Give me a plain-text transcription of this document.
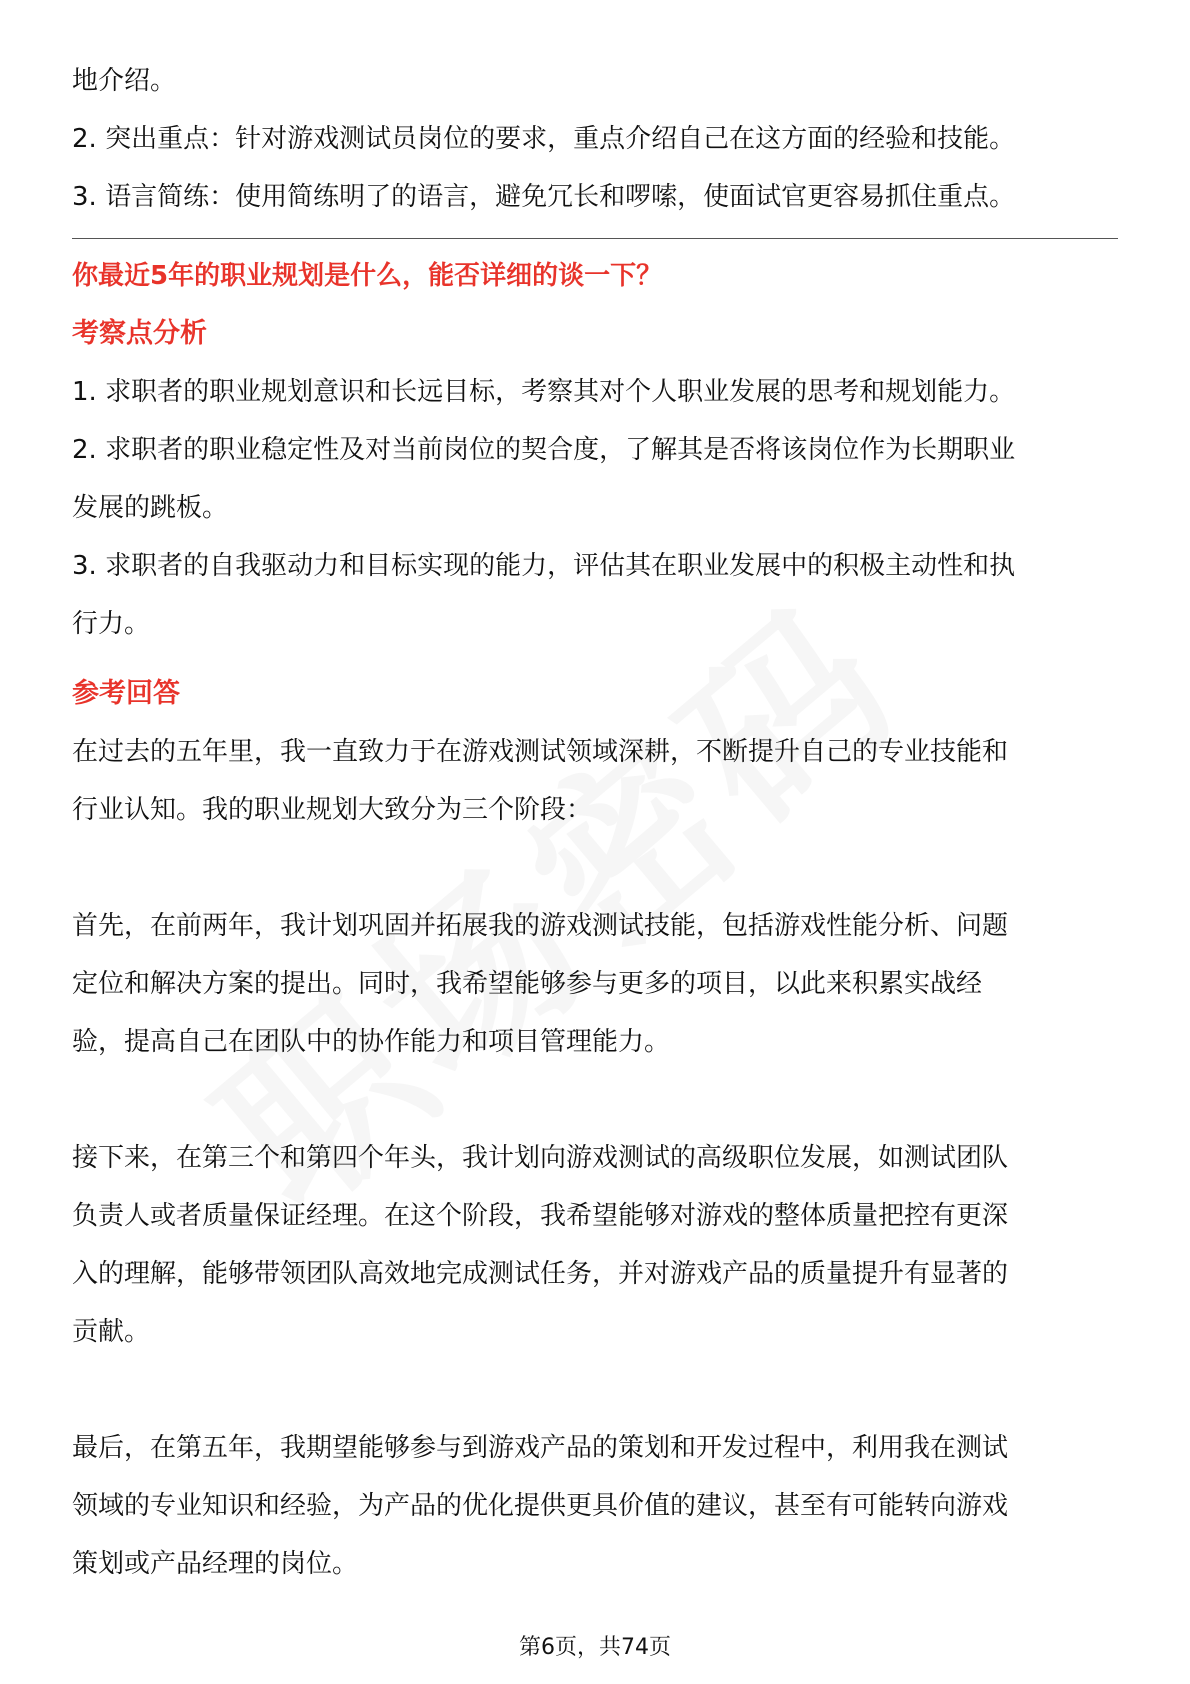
地介绍。
2. 突出重点：针对游戏测试员岗位的要求，重点介绍自己在这方面的经验和技能。
3. 语言简练：使用简练明了的语言，避免冗长和啰嗦，使面试官更容易抓住重点。
你最近5年的职业规划是什么，能否详细的谈一下？
考察点分析
1. 求职者的职业规划意识和长远目标，考察其对个人职业发展的思考和规划能力。
2. 求职者的职业稳定性及对当前岗位的契合度，了解其是否将该岗位作为长期职业
发展的跳板。
3. 求职者的自我驱动力和目标实现的能力，评估其在职业发展中的积极主动性和执
行力。
参考回答
在过去的五年里，我一直致力于在游戏测试领域深耕，不断提升自己的专业技能和
行业认知。我的职业规划大致分为三个阶段：
首先，在前两年，我计划巩固并拓展我的游戏测试技能，包括游戏性能分析、问题
定位和解决方案的提出。同时，我希望能够参与更多的项目，以此来积累实战经
验，提高自己在团队中的协作能力和项目管理能力。
接下来，在第三个和第四个年头，我计划向游戏测试的高级职位发展，如测试团队
负责人或者质量保证经理。在这个阶段，我希望能够对游戏的整体质量把控有更深
入的理解，能够带领团队高效地完成测试任务，并对游戏产品的质量提升有显著的
贡献。
最后，在第五年，我期望能够参与到游戏产品的策划和开发过程中，利用我在测试
领域的专业知识和经验，为产品的优化提供更具价值的建议，甚至有可能转向游戏
策划或产品经理的岗位。
第6页，共74页
